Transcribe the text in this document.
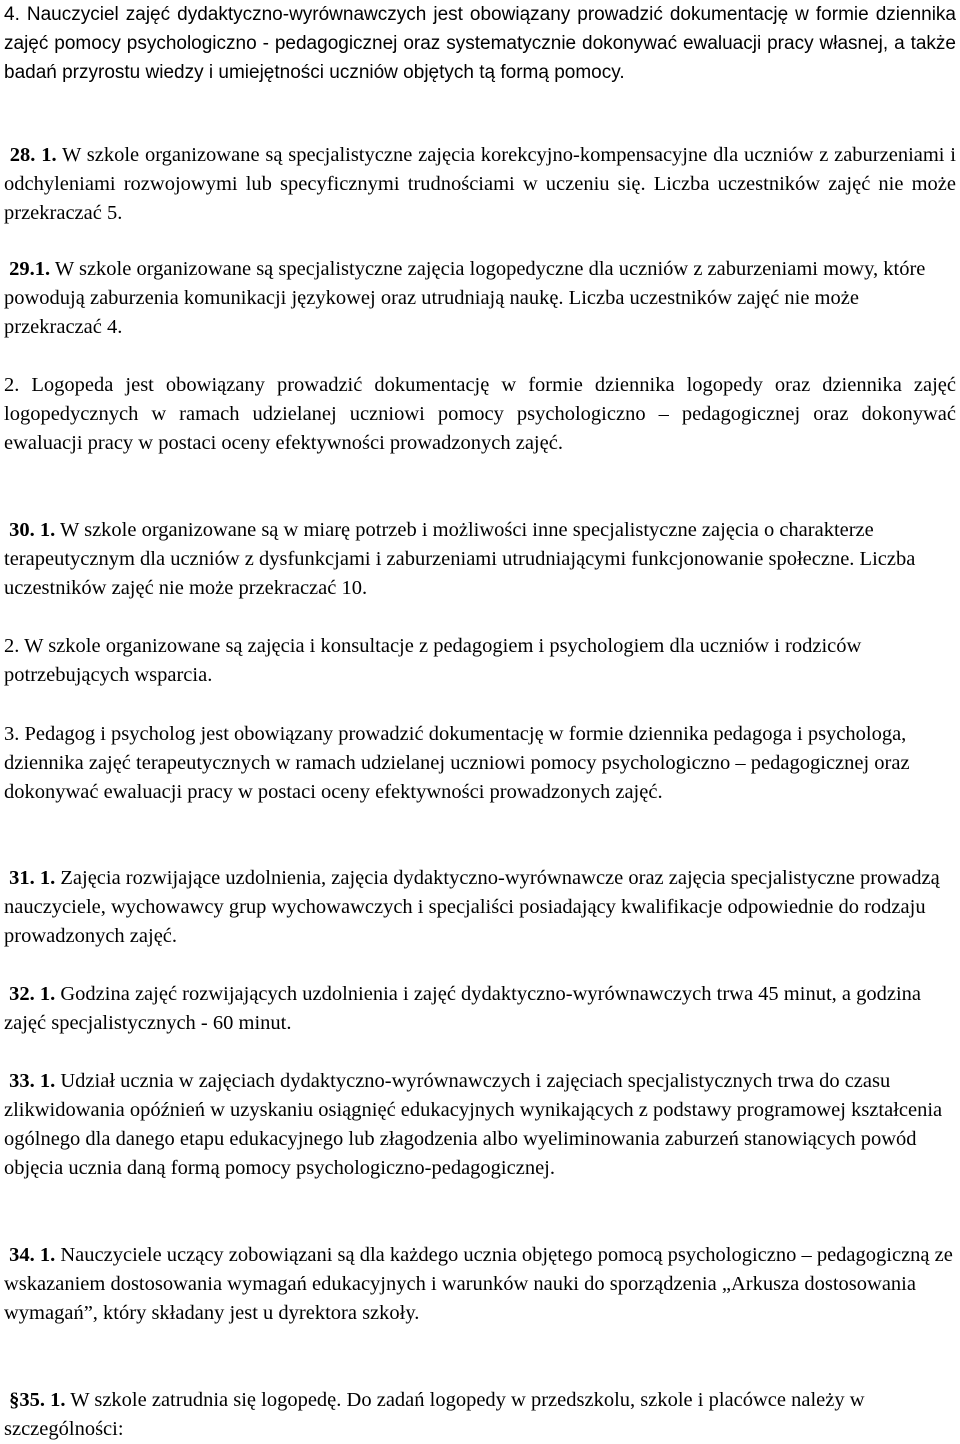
4. Nauczyciel zajęć dydaktyczno-wyrównawczych jest obowiązany prowadzić dokumentację w formie dziennika zajęć pomocy psychologiczno - pedagogicznej oraz systematycznie dokonywać ewaluacji pracy własnej, a także badań przyrostu wiedzy i umiejętności uczniów objętych tą formą pomocy.

28. 1. W szkole organizowane są specjalistyczne zajęcia korekcyjno-kompensacyjne dla uczniów z zaburzeniami i odchyleniami rozwojowymi lub specyficznymi trudnościami w uczeniu się. Liczba uczestników zajęć nie może przekraczać 5.

29.1. W szkole organizowane są specjalistyczne zajęcia logopedyczne dla uczniów z zaburzeniami mowy, które powodują zaburzenia komunikacji językowej oraz utrudniają naukę. Liczba uczestników zajęć nie może przekraczać 4.

2. Logopeda jest obowiązany prowadzić dokumentację w formie dziennika logopedy oraz dziennika zajęć logopedycznych w ramach udzielanej uczniowi pomocy psychologiczno – pedagogicznej oraz dokonywać ewaluacji pracy w postaci oceny efektywności prowadzonych zajęć.

30. 1. W szkole organizowane są w miarę potrzeb i możliwości inne specjalistyczne zajęcia o charakterze terapeutycznym dla uczniów z dysfunkcjami i zaburzeniami utrudniającymi funkcjonowanie społeczne. Liczba uczestników zajęć nie może przekraczać 10.

2. W szkole organizowane są zajęcia i konsultacje z pedagogiem i psychologiem dla uczniów i rodziców potrzebujących wsparcia.

3. Pedagog i psycholog jest obowiązany prowadzić dokumentację w formie dziennika pedagoga i psychologa, dziennika zajęć terapeutycznych w ramach udzielanej uczniowi pomocy psychologiczno – pedagogicznej oraz dokonywać ewaluacji pracy w postaci oceny efektywności prowadzonych zajęć.

31. 1. Zajęcia rozwijające uzdolnienia, zajęcia dydaktyczno-wyrównawcze oraz zajęcia specjalistyczne prowadzą nauczyciele, wychowawcy grup wychowawczych i specjaliści posiadający kwalifikacje odpowiednie do rodzaju prowadzonych zajęć.

32. 1. Godzina zajęć rozwijających uzdolnienia i zajęć dydaktyczno-wyrównawczych trwa 45 minut, a godzina zajęć specjalistycznych - 60 minut.

33. 1. Udział ucznia w zajęciach dydaktyczno-wyrównawczych i zajęciach specjalistycznych trwa do czasu zlikwidowania opóźnień w uzyskaniu osiągnięć edukacyjnych wynikających z podstawy programowej kształcenia ogólnego dla danego etapu edukacyjnego lub złagodzenia albo wyeliminowania zaburzeń stanowiących powód objęcia ucznia daną formą pomocy psychologiczno-pedagogicznej.

34. 1. Nauczyciele uczący zobowiązani są dla każdego ucznia objętego pomocą psychologiczno – pedagogiczną ze wskazaniem dostosowania wymagań edukacyjnych i warunków nauki do sporządzenia „Arkusza dostosowania wymagań”, który składany jest u dyrektora szkoły.

§35. 1. W szkole zatrudnia się logopedę. Do zadań logopedy w przedszkolu, szkole i placówce należy w szczególności:
